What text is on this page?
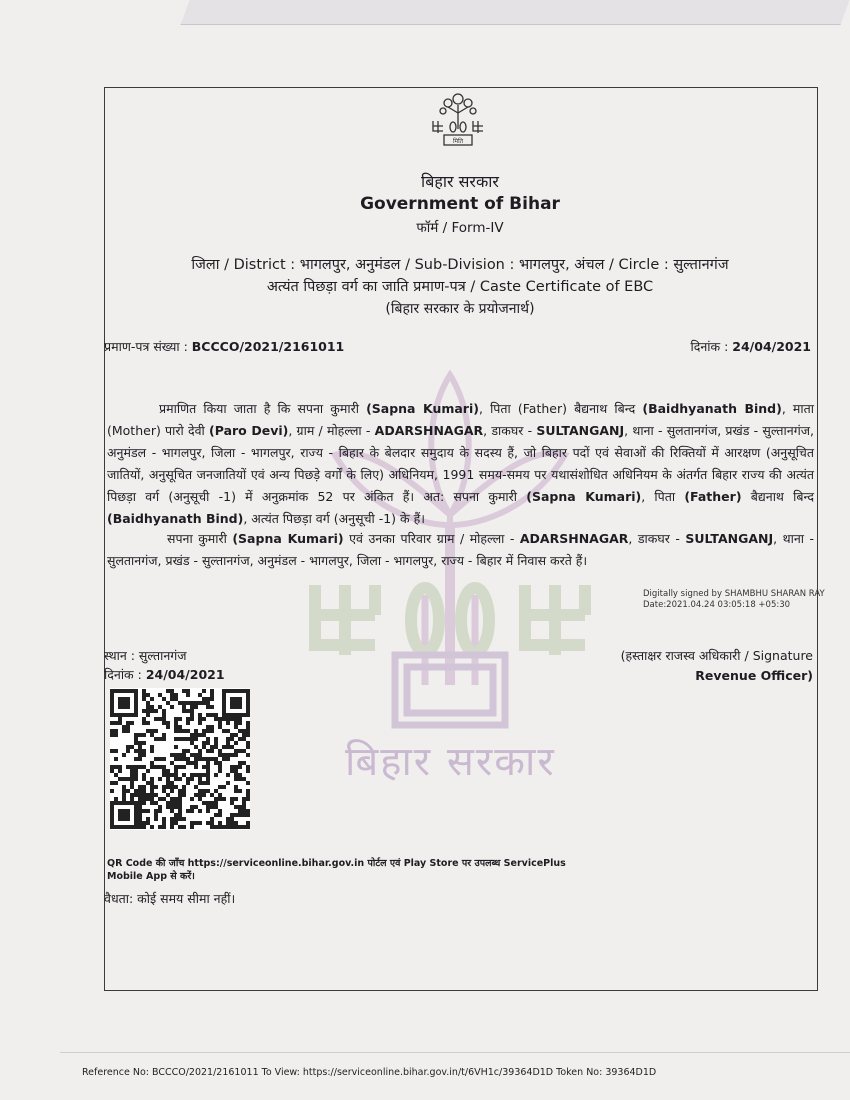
बिहार सरकार
मिति
बिहार सरकार
Government of Bihar
फॉर्म / Form-IV
जिला / District : भागलपुर, अनुमंडल / Sub-Division : भागलपुर, अंचल / Circle : सुल्तानगंज
अत्यंत पिछड़ा वर्ग का जाति प्रमाण-पत्र / Caste Certificate of EBC
(बिहार सरकार के प्रयोजनार्थ)
प्रमाण-पत्र संख्या : BCCCO/2021/2161011	दिनांक : 24/04/2021
प्रमाणित किया जाता है कि सपना कुमारी (Sapna Kumari), पिता (Father) बैद्यनाथ बिन्द (Baidhyanath Bind), माता (Mother) पारो देवी (Paro Devi), ग्राम / मोहल्ला - ADARSHNAGAR, डाकघर - SULTANGANJ, थाना - सुलतानगंज, प्रखंड - सुल्तानगंज, अनुमंडल - भागलपुर, जिला - भागलपुर, राज्य - बिहार के बेलदार समुदाय के सदस्य हैं, जो बिहार पदों एवं सेवाओं की रिक्तियों में आरक्षण (अनुसूचित जातियों, अनुसूचित जनजातियों एवं अन्य पिछड़े वर्गों के लिए) अधिनियम, 1991 समय-समय पर यथासंशोधित अधिनियम के अंतर्गत बिहार राज्य की अत्यंत पिछड़ा वर्ग (अनुसूची -1) में अनुक्रमांक 52 पर अंकित हैं। अत: सपना कुमारी (Sapna Kumari), पिता (Father) बैद्यनाथ बिन्द (Baidhyanath Bind), अत्यंत पिछड़ा वर्ग (अनुसूची -1) के हैं।
सपना कुमारी (Sapna Kumari) एवं उनका परिवार ग्राम / मोहल्ला - ADARSHNAGAR, डाकघर - SULTANGANJ, थाना - सुलतानगंज, प्रखंड - सुल्तानगंज, अनुमंडल - भागलपुर, जिला - भागलपुर, राज्य - बिहार में निवास करते हैं।
Digitally signed by SHAMBHU SHARAN RAY
Date:2021.04.24 03:05:18 +05:30
स्थान : सुल्तानगंज
दिनांक : 24/04/2021
(हस्ताक्षर राजस्व अधिकारी / Signature
Revenue Officer)
QR Code की जाँच https://serviceonline.bihar.gov.in पोर्टल एवं Play Store पर उपलब्ध ServicePlus Mobile App से करें।
वैधता: कोई समय सीमा नहीं।
Reference No: BCCCO/2021/2161011 To View: https://serviceonline.bihar.gov.in/t/6VH1c/39364D1D Token No: 39364D1D
